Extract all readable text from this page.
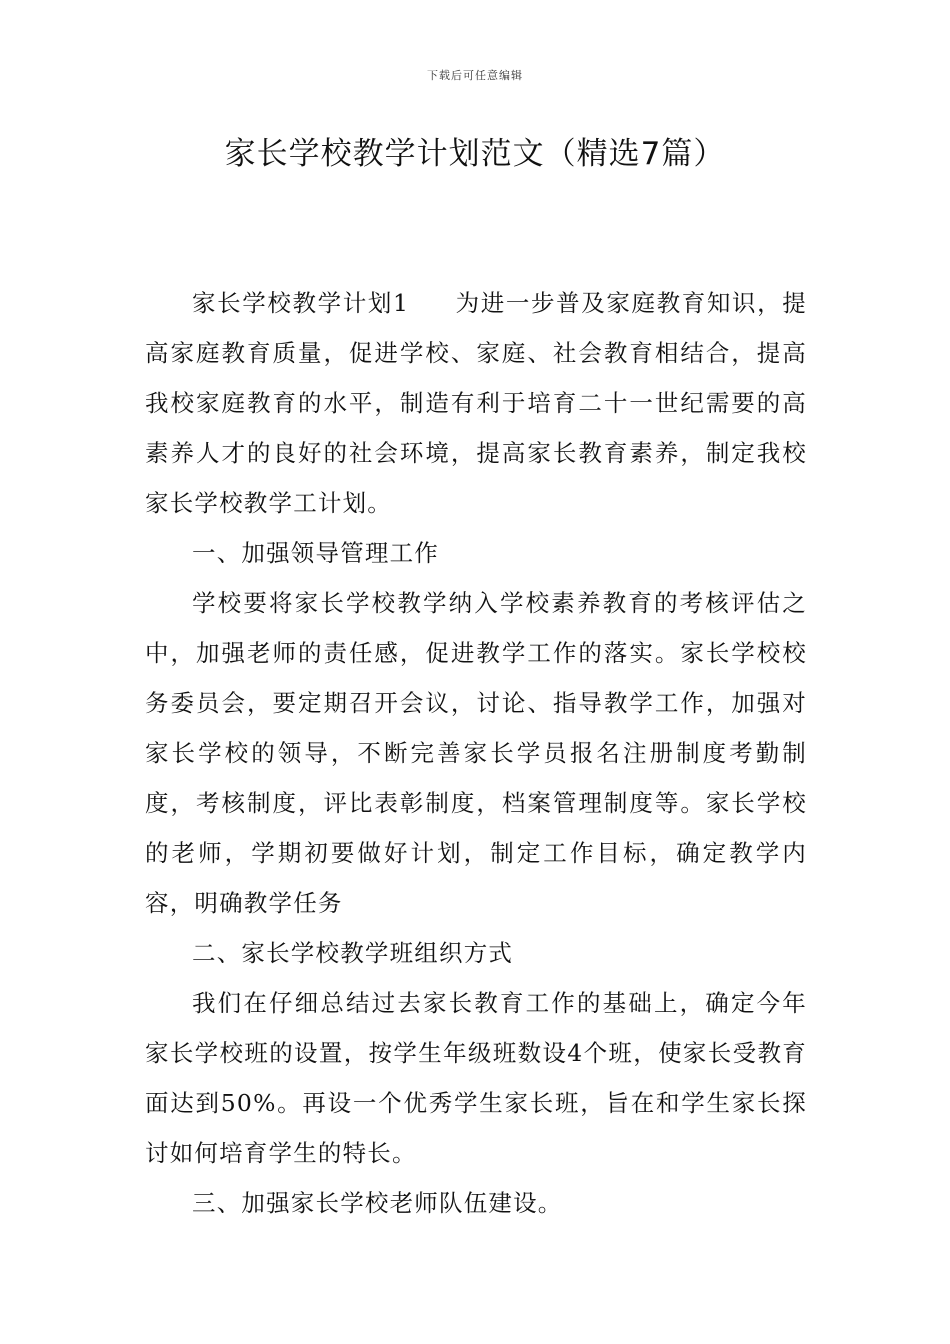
下载后可任意编辑
家长学校教学计划范文（精选7篇）

家长学校教学计划1 为进一步普及家庭教育知识，提高家庭教育质量，促进学校、家庭、社会教育相结合，提高我校家庭教育的水平，制造有利于培育二十一世纪需要的高素养人才的良好的社会环境，提高家长教育素养，制定我校家长学校教学工计划。

一、加强领导管理工作

学校要将家长学校教学纳入学校素养教育的考核评估之中，加强老师的责任感，促进教学工作的落实。家长学校校务委员会，要定期召开会议，讨论、指导教学工作，加强对家长学校的领导，不断完善家长学员报名注册制度考勤制度，考核制度，评比表彰制度，档案管理制度等。家长学校的老师，学期初要做好计划，制定工作目标，确定教学内容，明确教学任务

二、家长学校教学班组织方式

我们在仔细总结过去家长教育工作的基础上，确定今年家长学校班的设置，按学生年级班数设4个班，使家长受教育面达到50%。再设一个优秀学生家长班，旨在和学生家长探讨如何培育学生的特长。

三、加强家长学校老师队伍建设。
